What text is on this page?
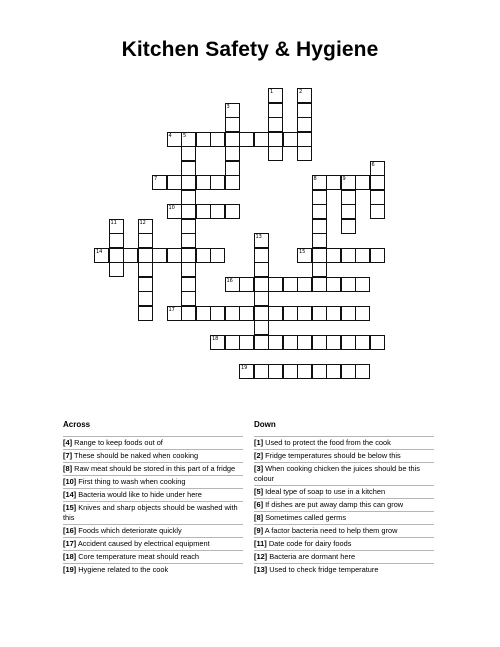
Kitchen Safety & Hygiene
4 5
7	8	9
10
14	15
16
17
18
19
1	2
3
6
11	12
13
Across	Down
[4] Range to keep foods out of
[7] These should be naked when cooking
[8] Raw meat should be stored in this part of a fridge
[10] First thing to wash when cooking
[14] Bacteria would like to hide under here
[15] Knives and sharp objects should be washed with this
[16] Foods which deteriorate quickly
[17] Accident caused by electrical equipment
[18] Core temperature meat should reach
[19] Hygiene related to the cook
[1] Used to protect the food from the cook
[2] Fridge temperatures should be below this
[3] When cooking chicken the juices should be this colour
[5] Ideal type of soap to use in a kitchen
[6] If dishes are put away damp this can grow
[8] Sometimes called germs
[9] A factor bacteria need to help them grow
[11] Date code for dairy foods
[12] Bacteria are dormant here
[13] Used to check fridge temperature
